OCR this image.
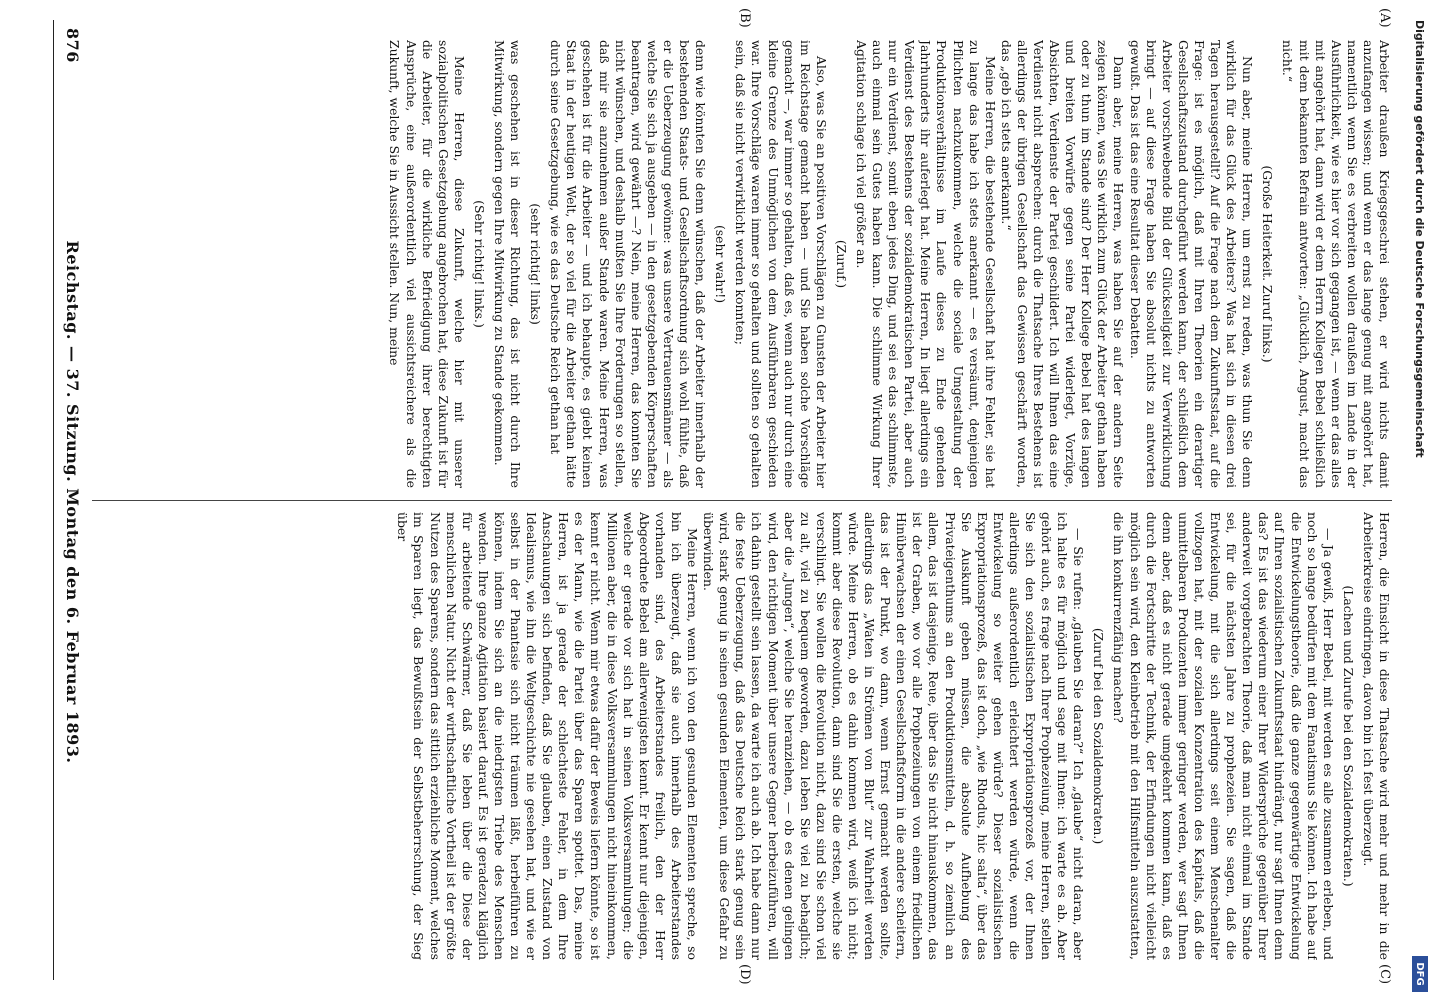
Digitalisierung gefördert durch die Deutsche Forschungsgemeinschaft
DFG
876
Reichstag. — 37. Sitzung. Montag den 6. Februar 1893.
(A)
(B)
(C)
(D)

Arbeiter draußen Kriegsgeschrei stehen, er wird nichts damit anzufangen wissen; und wenn er das lange genug mit angehört hat, namentlich wenn Sie es verbreiten wollen draußen im Lande in der Ausführlichkeit, wie es hier vor sich gegangen ist, — wenn er das alles mit angehört hat, dann wird er dem Herrn Kollegen Bebel schließlich mit dem bekannten Refrain antworten: „Glücklich, Angust, macht das nicht.“

(Große Heiterkeit. Zuruf links.)

Nun aber, meine Herren, um ernst zu reden, was thun Sie denn wirklich für das Glück des Arbeiters? Was hat sich in diesen drei Tagen herausgestellt? Auf die Frage nach dem Zukunftsstaat, auf die Frage: ist es möglich, daß mit Ihren Theorien ein derartiger Gesellschaftszustand durchgeführt werden kann, der schließlich dem Arbeiter vorschwebende Bild der Glückseligkeit zur Verwirklichung bringt — auf diese Frage haben Sie absolut nichts zu antworten gewußt. Das ist das eine Resultat dieser Debatten.

Dann aber, meine Herren, was haben Sie auf der andern Seite zeigen können, was Sie wirklich zum Glück der Arbeiter gethan haben oder zu thun im Stande sind? Der Herr Kollege Bebel hat des langen und breiten Vorwürfe gegen seine Partei widerlegt, Vorzüge, Absichten, Verdienste der Partei geschildert. Ich will Ihnen das eine Verdienst nicht absprechen: durch die Thatsache Ihres Bestehens ist allerdings der übrigen Gesellschaft das Gewissen geschärft worden, das „geb ich stets anerkannt.“

Meine Herren, die bestehende Gesellschaft hat ihre Fehler, sie hat zu lange das habe ich stets anerkannt — es versäumt, denjenigen Pflichten nachzukommen, welche die sociale Umgestaltung der Produktionsverhältnisse im Laufe dieses zu Ende gehenden Jahrhunderts ihr auferlegt hat. Meine Herren, In liegt allerdings ein Verdienst des Bestehens der sozialdemokratischen Partei, aber auch nur ein Verdienst, somit eben jedes Ding, und sei es das schlimmste, auch einmal sein Gutes haben kann. Die schlimme Wirkung Ihrer Agitation schlage ich viel größer an.

(Zuruf.)

Also, was Sie an positiven Vorschlägen zu Gunsten der Arbeiter hier im Reichstage gemacht haben — und Sie haben solche Vorschläge gemacht —, war immer so gehalten, daß es, wenn auch nur durch eine kleine Grenze des Unmöglichen von dem Ausführbaren geschieden war. Ihre Vorschläge waren immer so gehalten und sollten so gehalten sein, daß sie nicht verwirklicht werden konnten;

(sehr wahr!)

denn wie könnten Sie denn wünschen, daß der Arbeiter innerhalb der bestehenden Staats- und Gesellschaftsordnung sich wohl fühlte, daß er die Ueberzeugung gewönne: was unsere Vertrauensmänner — als welche Sie sich ja ausgeben — in den gesetzgebenden Körperschaften beantragen, wird gewährt —? Nein, meine Herren, das konnten Sie nicht wünschen, und deshalb mußten Sie Ihre Forderungen so stellen, daß mir sie anzunehmen außer Stande waren. Meine Herren, was geschehen ist für die Arbeiter — und ich behaupte, es giebt keinen Staat in der heutigen Welt, der so viel für die Arbeiter gethan hätte durch seine Gesetzgebung, wie es das Deutsche Reich gethan hat

(sehr richtig! links)

was geschehen ist in dieser Richtung, das ist nicht durch Ihre Mitwirkung, sondern gegen Ihre Mitwirkung zu Stande gekommen.

(Sehr richtig! links.)

Meine Herren, diese Zukunft, welche hier mit unserer sozialpolitischen Gesetzgebung angebrochen hat, diese Zukunft ist für die Arbeiter, für die wirkliche Befriedigung ihrer berechtigten Ansprüche, eine außerordentlich viel aussichtsreichere als die Zukunft, welche Sie in Aussicht stellen. Nun, meine

Herren, die Einsicht in diese Thatsache wird mehr und mehr in die Arbeiterkreise eindringen, davon bin ich fest überzeugt.

(Lachen und Zurufe bei den Sozialdemokraten.)

— Ja gewiß, Herr Bebel, mit werden es alle zusammen erleben, und noch so lange bedürfen mit dem Fanatismus Sie können. Ich habe auf die Entwickelungstheorie, daß die ganze gegenwärtige Entwickelung auf Ihren sozialistischen Zukunftsstaat hindrängt, nur sagt Ihnen denn das? Es ist das wiederum einer Ihrer Widersprüche gegenüber Ihrer anderweit vorgebrachten Theorie, daß man nicht einmal im Stande sei, für die nächsten Jahre zu prophezeien. Sie sagen, daß die Entwickelung, mit die sich allerdings seit einem Menschenalter vollzogen hat, mit der sozialen Konzentration des Kapitals, daß die unmittelbaren Produzenten immer geringer werden, wer sagt Ihnen denn aber, daß es nicht gerade umgekehrt kommen kann, daß es durch die Fortschritte der Technik, der Erfindungen nicht vielleicht möglich sein wird, den Kleinbetrieb mit den Hilfsmitteln auszustatten, die ihn konkurrenzfähig machen?

(Zuruf bei den Sozialdemokraten.)

— Sie rufen: „glauben Sie daran?“ Ich „glaube“ nicht daran, aber ich halte es für möglich und sage mit Ihnen: ich warte es ab. Aber gehört auch, es frage nach Ihrer Prophezeiung, meine Herren, stellen Sie sich den sozialistischen Expropriationsprozeß vor, der Ihnen allerdings außerordentlich erleichtert werden würde, wenn die Entwickelung so weiter gehen würde? Dieser sozialistischen Expropriationsprozeß, das ist doch, „wie Rhodus, hic salta“, über das Sie Auskunft geben müssen, die absolute Aufhebung des Privateigenthums an den Produktionsmitteln, d. h. so ziemlich an allem, das ist dasjenige, Reue, über das Sie nicht hinauskommen, das ist der Graben, wo vor alle Prophezeiungen von einem friedlichen Hinüberwachsen der einen Gesellschaftsform in die andere scheitern, das ist der Punkt, wo dann, wenn Ernst gemacht werden sollte, allerdings das „Waten in Strömen von Blut“ zur Wahrheit werden würde. Meine Herren, ob es dahin kommen wird, weiß ich nicht; kommt aber diese Revolution, dann sind Sie die ersten, welche sie verschlingt. Sie wollen die Revolution nicht, dazu sind Sie schon viel zu alt, viel zu bequem geworden, dazu leben Sie viel zu behaglich; aber die „Jungen“, welche Sie heranziehen, — ob es denen gelingen wird, den richtigen Moment über unsere Gegner herbeizuführen, will ich dahin gestellt sein lassen, da warte ich auch ab. Ich habe dann nur die feste Ueberzeugung, daß das Deutsche Reich stark genug sein wird, stark genug in seinen gesunden Elementen, um diese Gefahr zu überwinden.

Meine Herren, wenn ich von den gesunden Elementen spreche, so bin ich überzeugt, daß sie auch innerhalb des Arbeiterstandes vorhanden sind, des Arbeiterstandes freilich, den der Herr Abgeordnete Bebel am allerwenigsten kennt. Er kennt nur diejenigen, welche er gerade vor sich hat in seinen Volksversammlungen; die Millionen aber, die in diese Volksversammlungen nicht hineinkommen, kennt er nicht. Wenn mir etwas dafür der Beweis liefern könnte, so ist es der Mann, wie die Partei über das Sparen spottet. Das, meine Herren, ist ja gerade der schlechteste Fehler, in dem Ihre Anschauungen sich befinden, daß Sie glauben, einen Zustand von Idealismus, wie ihn die Weltgeschichte nie gesehen hat, und wie er selbst in der Phantasie sich nicht träumen läßt, herbeiführen zu können, indem Sie sich an die niedrigsten Triebe des Menschen wenden. Ihre ganze Agitation basiert darauf. Es ist geradezu kläglich für arbeitende Schwärmer, daß Sie leben über die Diese der menschlichen Natur. Nicht der wirthschaftliche Vortheil ist der größte Nutzen des Sparens, sondern das sittlich erziehliche Moment, welches im Sparen liegt, das Bewußtsein der Selbstbeherrschung, der Sieg über
